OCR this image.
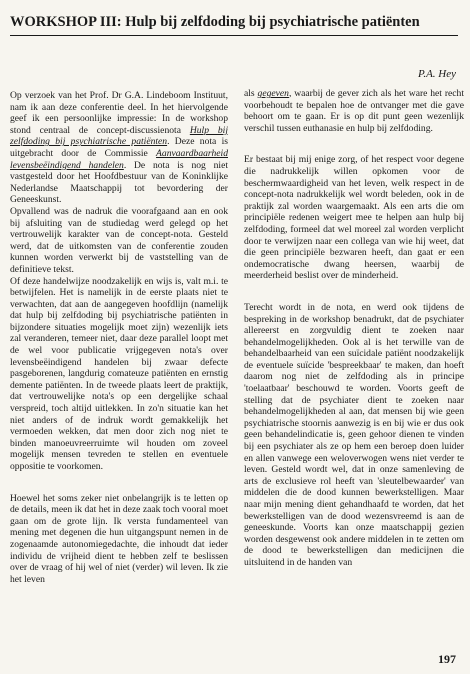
WORKSHOP III: Hulp bij zelfdoding bij psychiatrische patiënten
P.A. Hey

Op verzoek van het Prof. Dr G.A. Lindeboom Instituut, nam ik aan deze conferentie deel. In het hiervolgende geef ik een persoonlijke impressie: In de workshop stond centraal de concept-discussienota Hulp bij zelfdoding bij psychiatrische patiënten. Deze nota is uitgebracht door de Commissie Aanvaardbaarheid levensbeëindigend handelen. De nota is nog niet vastgesteld door het Hoofdbestuur van de Koninklijke Nederlandse Maatschappij tot bevordering der Geneeskunst.

Opvallend was de nadruk die voorafgaand aan en ook bij afsluiting van de studiedag werd gelegd op het vertrouwelijk karakter van de concept-nota. Gesteld werd, dat de uitkomsten van de conferentie zouden kunnen worden verwerkt bij de vaststelling van de definitieve tekst.

Of deze handelwijze noodzakelijk en wijs is, valt m.i. te betwijfelen. Het is namelijk in de eerste plaats niet te verwachten, dat aan de aangegeven hoofdlijn (namelijk dat hulp bij zelfdoding bij psychiatrische patiënten in bijzondere situaties mogelijk moet zijn) wezenlijk iets zal veranderen, temeer niet, daar deze parallel loopt met de wel voor publicatie vrijgegeven nota's over levensbeëindigend handelen bij zwaar defecte pasgeborenen, langdurig comateuze patiënten en ernstig demente patiënten. In de tweede plaats leert de praktijk, dat vertrouwelijke nota's op een dergelijke schaal verspreid, toch altijd uitlekken. In zo'n situatie kan het niet anders of de indruk wordt gemakkelijk het vermoeden wekken, dat men door zich nog niet te binden manoeuvreerruimte wil houden om zoveel mogelijk mensen tevreden te stellen en eventuele oppositie te voorkomen.

Hoewel het soms zeker niet onbelangrijk is te letten op de details, meen ik dat het in deze zaak toch vooral moet gaan om de grote lijn. Ik versta fundamenteel van mening met degenen die hun uitgangspunt nemen in de zogenaamde autonomiegedachte, die inhoudt dat ieder individu de vrijheid dient te hebben zelf te beslissen over de vraag of hij wel of niet (verder) wil leven. Ik zie het leven

als gegeven, waarbij de gever zich als het ware het recht voorbehoudt te bepalen hoe de ontvanger met die gave behoort om te gaan. Er is op dit punt geen wezenlijk verschil tussen euthanasie en hulp bij zelfdoding.

Er bestaat bij mij enige zorg, of het respect voor degene die nadrukkelijk willen opkomen voor de beschermwaardigheid van het leven, welk respect in de concept-nota nadrukkelijk wel wordt beleden, ook in de praktijk zal worden waargemaakt. Als een arts die om principiële redenen weigert mee te helpen aan hulp bij zelfdoding, formeel dat wel moreel zal worden verplicht door te verwijzen naar een collega van wie hij weet, dat die geen principiële bezwaren heeft, dan gaat er een ondemocratische dwang heersen, waarbij de meerderheid beslist over de minderheid.

Terecht wordt in de nota, en werd ook tijdens de bespreking in de workshop benadrukt, dat de psychiater allereerst en zorgvuldig dient te zoeken naar behandelmogelijkheden. Ook al is het terwille van de behandelbaarheid van een suïcidale patiënt noodzakelijk de eventuele suïcide 'bespreekbaar' te maken, dan hoeft daarom nog niet de zelfdoding als in principe 'toelaatbaar' beschouwd te worden. Voorts geeft de stelling dat de psychiater dient te zoeken naar behandelmogelijkheden al aan, dat mensen bij wie geen psychiatrische stoornis aanwezig is en bij wie er dus ook geen behandelindicatie is, geen gehoor dienen te vinden bij een psychiater als ze op hem een beroep doen luider en allen vanwege een weloverwogen wens niet verder te leven. Gesteld wordt wel, dat in onze samenleving de arts de exclusieve rol heeft van 'sleutelbewaarder' van middelen die de dood kunnen bewerkstelligen. Maar naar mijn mening dient gehandhaafd te worden, dat het bewerkstelligen van de dood wezensvreemd is aan de geneeskunde. Voorts kan onze maatschappij gezien worden desgewenst ook andere middelen in te zetten om de dood te bewerkstelligen dan medicijnen die uitsluitend in de handen van

197
